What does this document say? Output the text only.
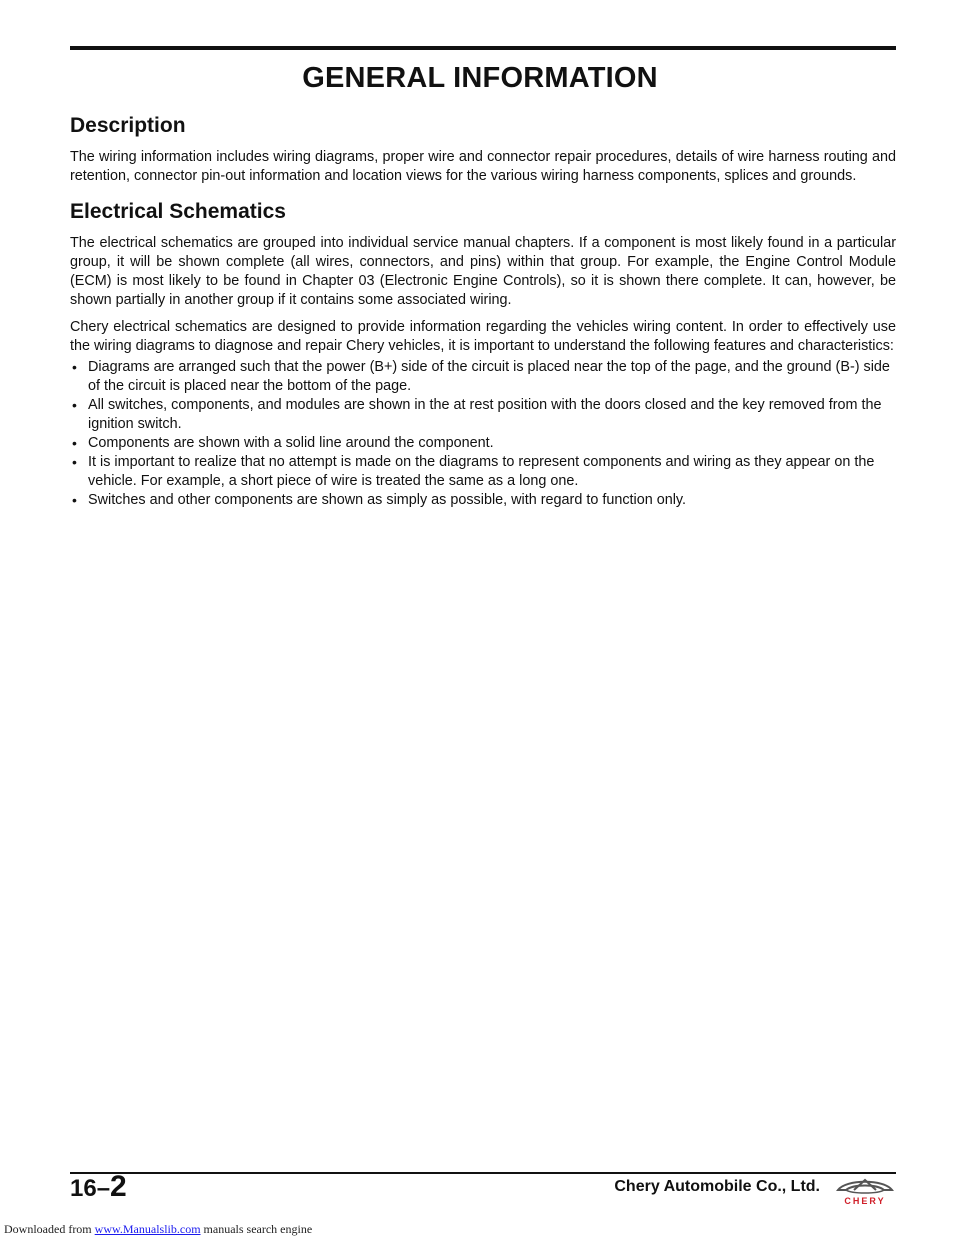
GENERAL INFORMATION
Description

The wiring information includes wiring diagrams, proper wire and connector repair procedures, details of wire harness routing and retention, connector pin-out information and location views for the various wiring harness components, splices and grounds.

Electrical Schematics

The electrical schematics are grouped into individual service manual chapters. If a component is most likely found in a particular group, it will be shown complete (all wires, connectors, and pins) within that group. For example, the Engine Control Module (ECM) is most likely to be found in Chapter 03 (Electronic Engine Controls), so it is shown there complete. It can, however, be shown partially in another group if it contains some associated wiring.

Chery electrical schematics are designed to provide information regarding the vehicles wiring content. In order to effectively use the wiring diagrams to diagnose and repair Chery vehicles, it is important to understand the following features and characteristics:

• Diagrams are arranged such that the power (B+) side of the circuit is placed near the top of the page, and the ground (B-) side of the circuit is placed near the bottom of the page.
• All switches, components, and modules are shown in the at rest position with the doors closed and the key removed from the ignition switch.
• Components are shown with a solid line around the component.
• It is important to realize that no attempt is made on the diagrams to represent components and wiring as they appear on the vehicle. For example, a short piece of wire is treated the same as a long one.
• Switches and other components are shown as simply as possible, with regard to function only.
16–2	Chery Automobile Co., Ltd.
CHERY
Downloaded from www.Manualslib.com manuals search engine
